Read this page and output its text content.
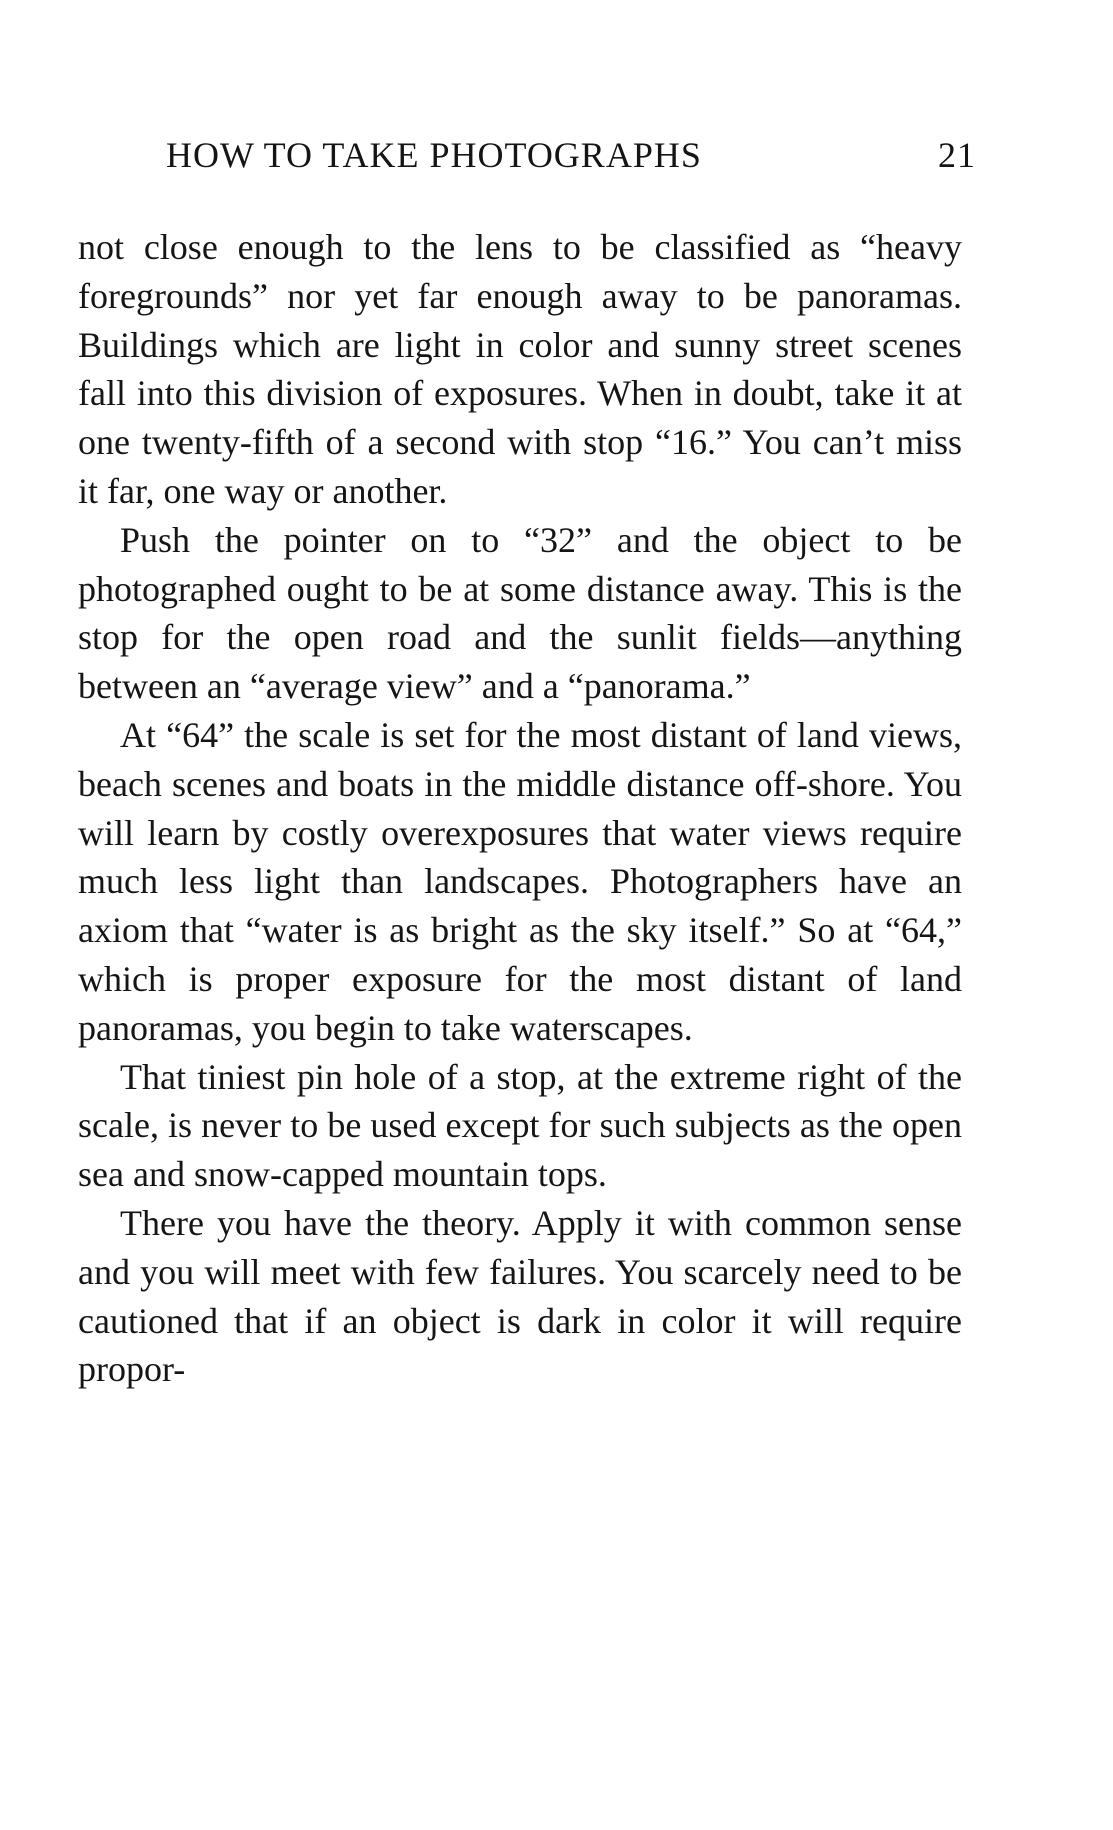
HOW TO TAKE PHOTOGRAPHS	21

not close enough to the lens to be classified as “heavy foregrounds” nor yet far enough away to be panoramas. Buildings which are light in color and sunny street scenes fall into this division of exposures. When in doubt, take it at one twenty-fifth of a second with stop “16.” You can’t miss it far, one way or another.

Push the pointer on to “32” and the object to be photographed ought to be at some distance away. This is the stop for the open road and the sunlit fields—anything between an “average view” and a “panorama.”

At “64” the scale is set for the most distant of land views, beach scenes and boats in the middle distance off-shore. You will learn by costly overexposures that water views require much less light than landscapes. Photographers have an axiom that “water is as bright as the sky itself.” So at “64,” which is proper exposure for the most distant of land panoramas, you begin to take waterscapes.

That tiniest pin hole of a stop, at the extreme right of the scale, is never to be used except for such subjects as the open sea and snow-capped mountain tops.

There you have the theory. Apply it with common sense and you will meet with few failures. You scarcely need to be cautioned that if an object is dark in color it will require propor-
